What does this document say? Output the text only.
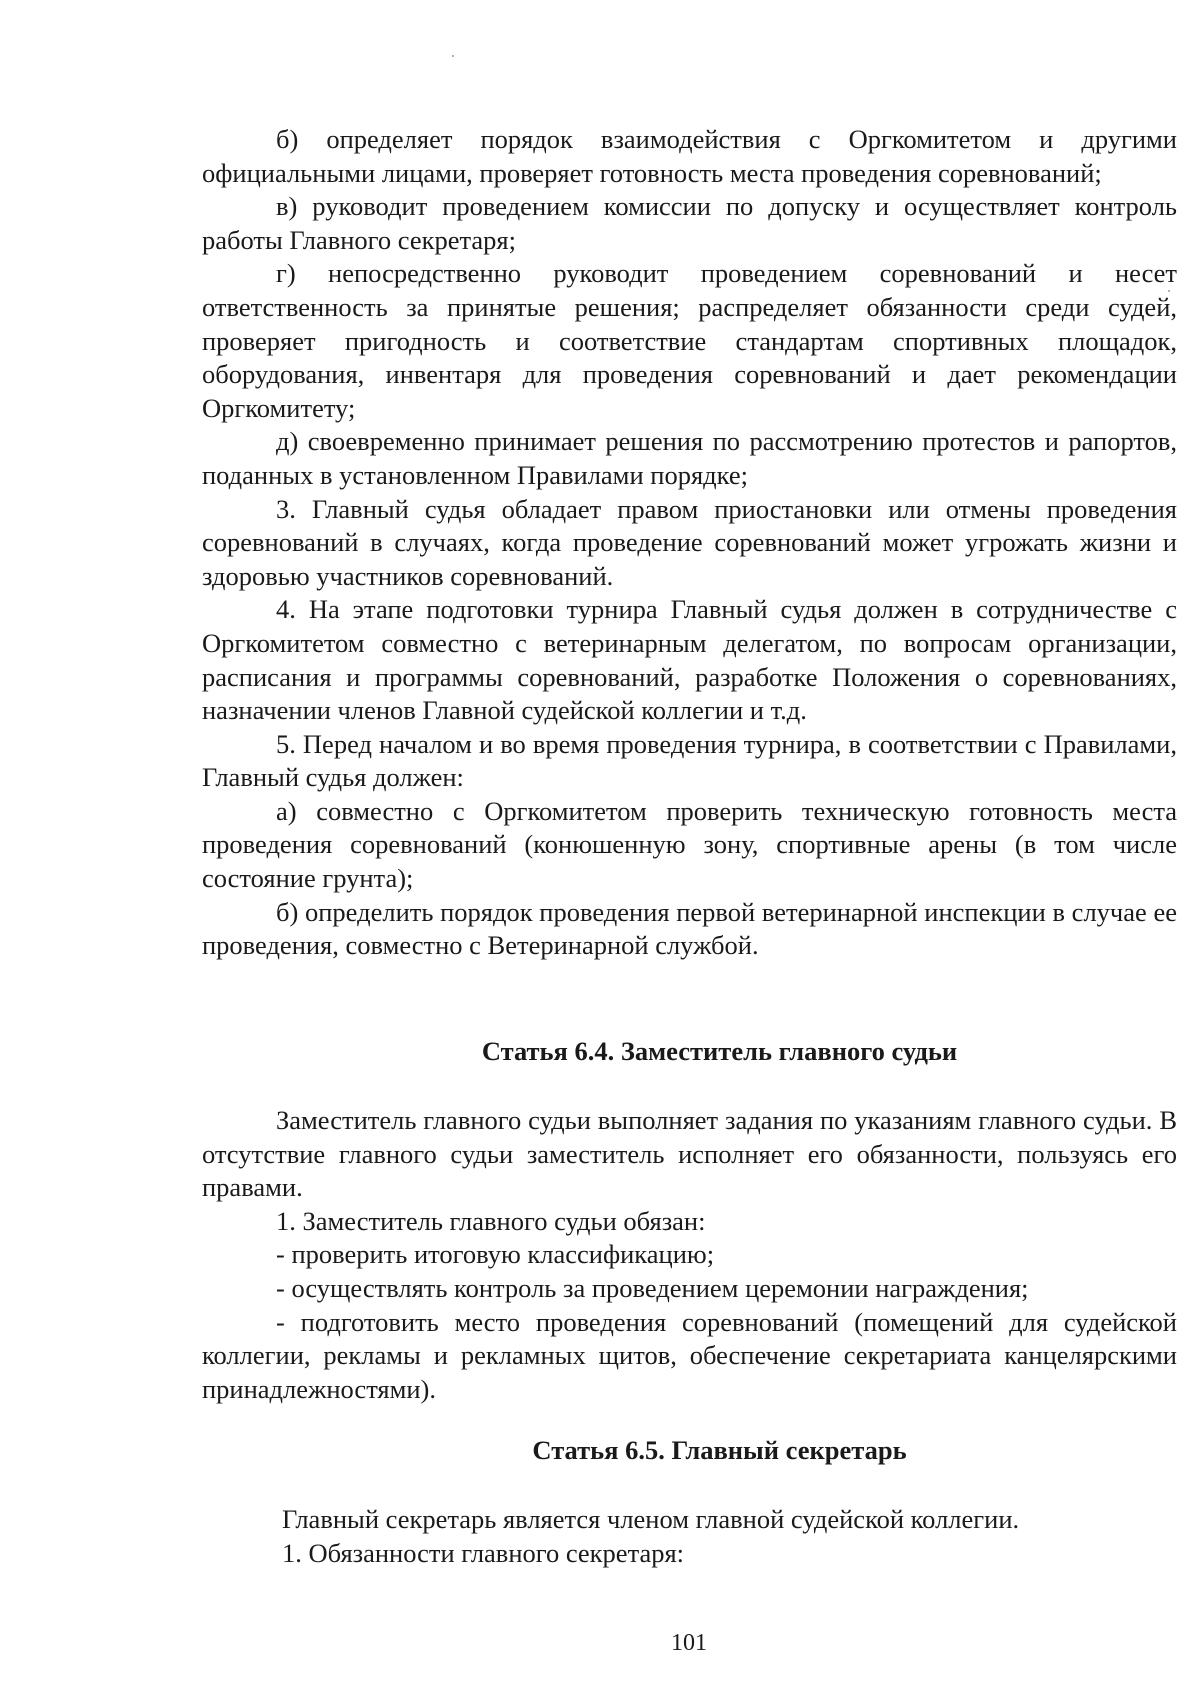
б) определяет порядок взаимодействия с Оргкомитетом и другими официальными лицами, проверяет готовность места проведения соревнований;

в) руководит проведением комиссии по допуску и осуществляет контроль работы Главного секретаря;

г) непосредственно руководит проведением соревнований и несет ответственность за принятые решения; распределяет обязанности среди судей, проверяет пригодность и соответствие стандартам спортивных площадок, оборудования, инвентаря для проведения соревнований и дает рекомендации Оргкомитету;

д) своевременно принимает решения по рассмотрению протестов и рапортов, поданных в установленном Правилами порядке;

3. Главный судья обладает правом приостановки или отмены проведения соревнований в случаях, когда проведение соревнований может угрожать жизни и здоровью участников соревнований.

4. На этапе подготовки турнира Главный судья должен в сотрудничестве с Оргкомитетом совместно с ветеринарным делегатом, по вопросам организации, расписания и программы соревнований, разработке Положения о соревнованиях, назначении членов Главной судейской коллегии и т.д.

5. Перед началом и во время проведения турнира, в соответствии с Правилами, Главный судья должен:

а) совместно с Оргкомитетом проверить техническую готовность места проведения соревнований (конюшенную зону, спортивные арены (в том числе состояние грунта);

б) определить порядок проведения первой ветеринарной инспекции в случае ее проведения, совместно с Ветеринарной службой.

Статья 6.4. Заместитель главного судьи

Заместитель главного судьи выполняет задания по указаниям главного судьи. В отсутствие главного судьи заместитель исполняет его обязанности, пользуясь его правами.

1. Заместитель главного судьи обязан:

- проверить итоговую классификацию;

- осуществлять контроль за проведением церемонии награждения;

- подготовить место проведения соревнований (помещений для судейской коллегии, рекламы и рекламных щитов, обеспечение секретариата канцелярскими принадлежностями).

Статья 6.5. Главный секретарь

Главный секретарь является членом главной судейской коллегии.

1. Обязанности главного секретаря:

101
